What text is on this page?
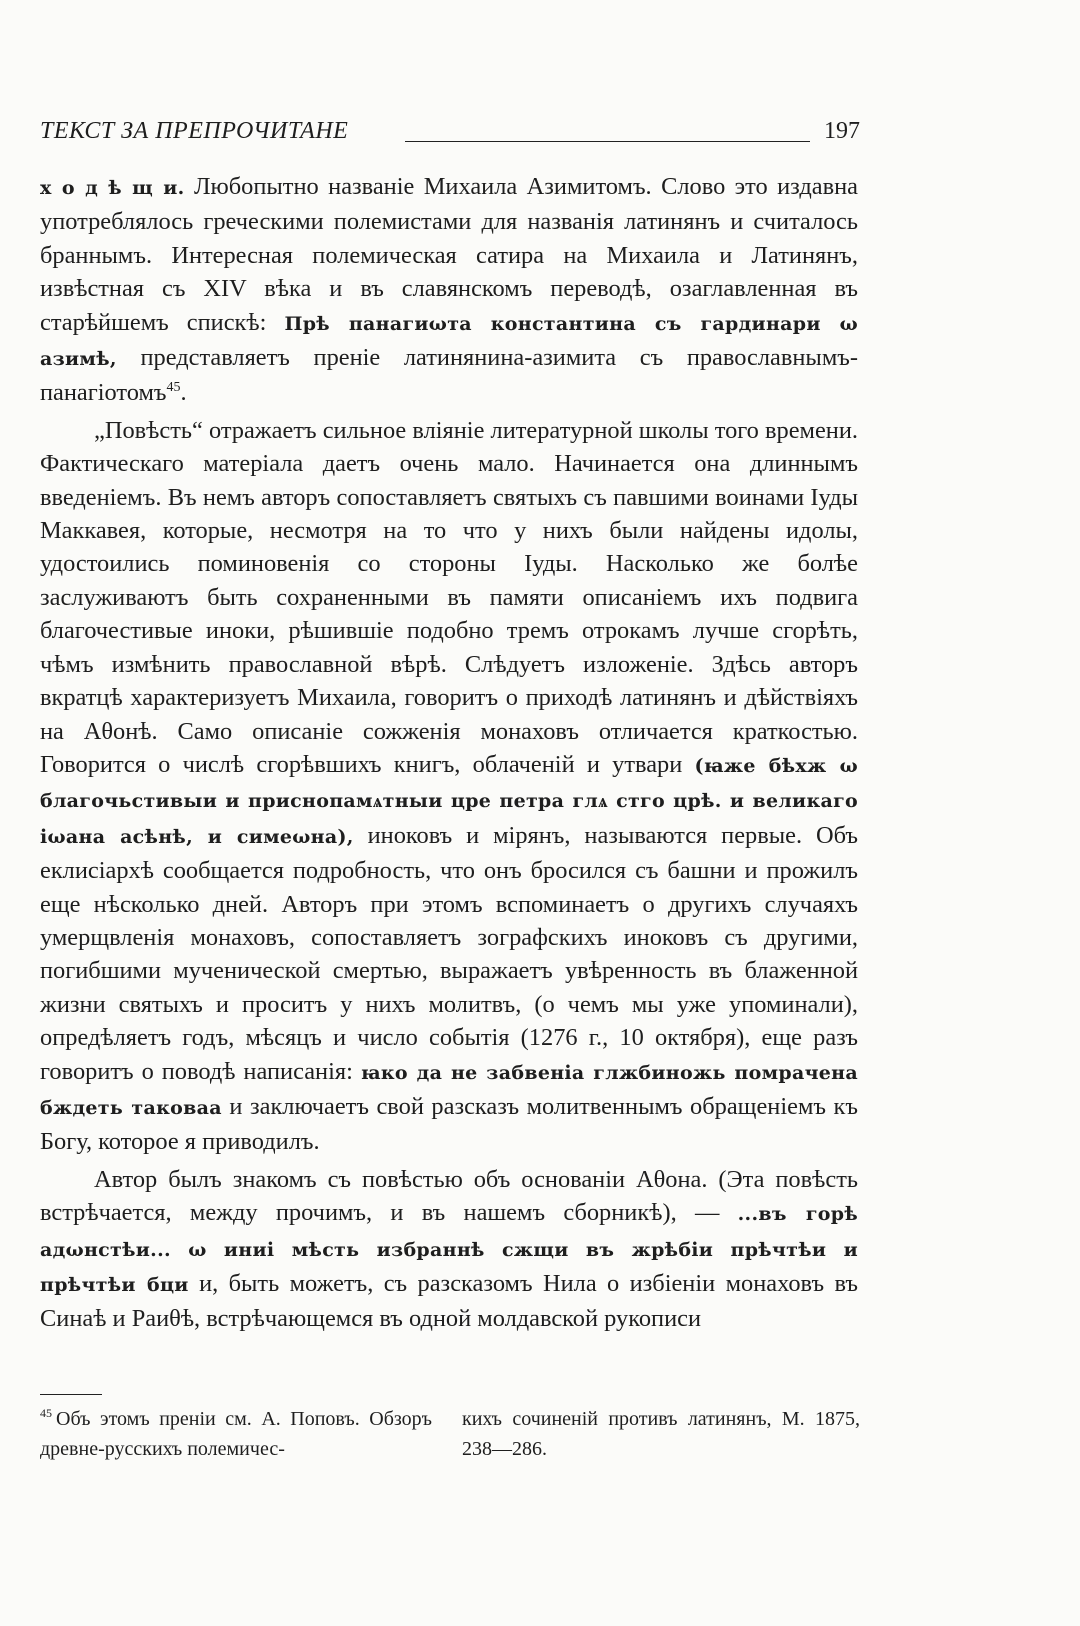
ТЕКСТ ЗА ПРЕПРОЧИТАНЕ	197

х о д ѣ щ и. Любопытно названіе Михаила Азимитомъ. Слово это издавна употреблялось греческими полемистами для названія латинянъ и считалось браннымъ. Интересная полемическая сатира на Михаила и Латинянъ, извѣстная съ XIV вѣка и въ славянскомъ переводѣ, озаглавленная въ старѣйшемъ спискѣ: Прѣ панагиωта константина съ гардинари ω азимѣ, представляетъ преніе латинянина-азимита съ православнымъ-панагіотомъ$^{45}$.

„Повѣсть“ отражаетъ сильное вліяніе литературной школы того времени. Фактическаго матеріала даетъ очень мало. Начинается она длиннымъ введеніемъ. Въ немъ авторъ сопоставляетъ святыхъ съ павшими воинами Іуды Маккавея, которые, несмотря на то что у нихъ были найдены идолы, удостоились поминовенія со стороны Іуды. Насколько же болѣе заслуживаютъ быть сохраненными въ памяти описаніемъ ихъ подвига благочестивые иноки, рѣшившіе подобно тремъ отрокамъ лучше сгорѣть, чѣмъ измѣнить православной вѣрѣ. Слѣдуетъ изложеніе. Здѣсь авторъ вкратцѣ характеризуетъ Михаила, говоритъ о приходѣ латинянъ и дѣйствіяхъ на Аθонѣ. Само описаніе сожженія монаховъ отличается краткостью. Говорится о числѣ сгорѣвшихъ книгъ, облаченій и утвари (ꙗже бѣхж ω благочьстивыи и приснопамѧтныи цре петра глѧ стго црѣ. и великаго iωана асѣнѣ, и симеωна), иноковъ и мірянъ, называются первые. Объ еклисіархѣ сообщается подробность, что онъ бросился съ башни и прожилъ еще нѣсколько дней. Авторъ при этомъ вспоминаетъ о другихъ случаяхъ умерщвленія монаховъ, сопоставляетъ зографскихъ иноковъ съ другими, погибшими мученической смертью, выражаетъ увѣренность въ блаженной жизни святыхъ и проситъ у нихъ молитвъ, (о чемъ мы уже упоминали), опредѣляетъ годъ, мѣсяцъ и число событія (1276 г., 10 октября), еще разъ говоритъ о поводѣ написанія: ꙗко да не забвенiа глжбиножь помрачена бждеть таковаа и заключаетъ свой разсказъ молитвеннымъ обращеніемъ къ Богу, которое я приводилъ.

Автор былъ знакомъ съ повѣстью объ основаніи Аθона. (Эта повѣсть встрѣчается, между прочимъ, и въ нашемъ сборникѣ), — ...въ горѣ адωнстѣи... ω иниі мѣсть избраннѣ сжщи въ жрѣбiи прѣчтѣи и прѣчтѣи бци и, быть можетъ, съ разсказомъ Нила о избіеніи монаховъ въ Синаѣ и Раиθѣ, встрѣчающемся въ одной молдавской рукописи

$^{45}$ Объ этомъ преніи см. А. Поповъ. Обзоръ древне-русскихъ полемичес-
кихъ сочиненій противъ латинянъ, М. 1875, 238—286.
